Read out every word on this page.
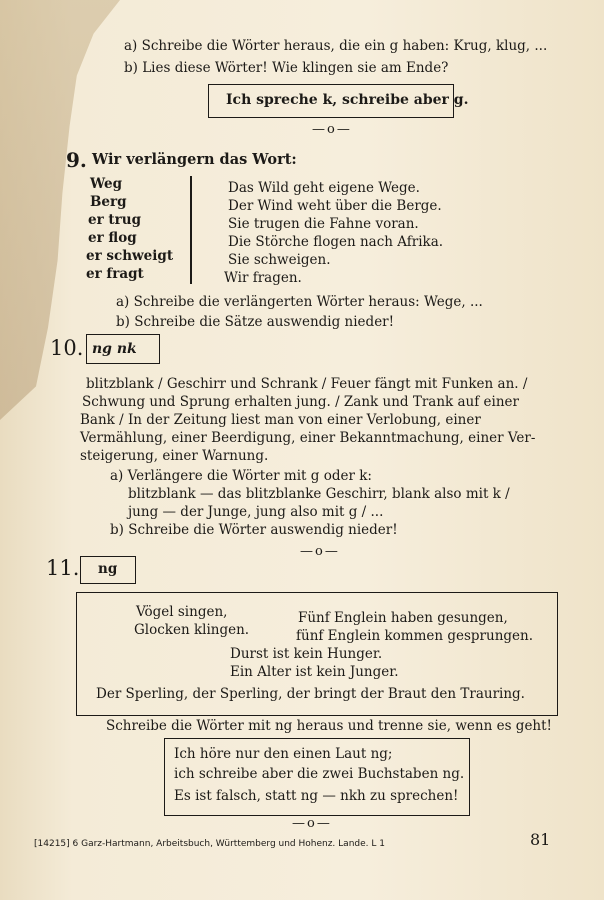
a) Schreibe die Wörter heraus, die ein g haben: Krug, klug, ...
b) Lies diese Wörter! Wie klingen sie am Ende?
Ich spreche k, schreibe aber g.
—o—
9. Wir verlängern das Wort:
Weg
Berg
er trug
er flog
er schweigt
er fragt
Das Wild geht eigene Wege.
Der Wind weht über die Berge.
Sie trugen die Fahne voran.
Die Störche flogen nach Afrika.
Sie schweigen.
Wir fragen.
a) Schreibe die verlängerten Wörter heraus: Wege, ...
b) Schreibe die Sätze auswendig nieder!
10. ng nk
blitzblank / Geschirr und Schrank / Feuer fängt mit Funken an. /
Schwung und Sprung erhalten jung. / Zank und Trank auf einer
Bank / In der Zeitung liest man von einer Verlobung, einer
Vermählung, einer Beerdigung, einer Bekanntmachung, einer Ver-
steigerung, einer Warnung.
a) Verlängere die Wörter mit g oder k:
blitzblank — das blitzblanke Geschirr, blank also mit k /
jung — der Junge, jung also mit g / ...
b) Schreibe die Wörter auswendig nieder!
—o—
11. ng
Vögel singen,
Glocken klingen.
Fünf Englein haben gesungen,
fünf Englein kommen gesprungen.
Durst ist kein Hunger.
Ein Alter ist kein Junger.
Der Sperling, der Sperling, der bringt der Braut den Trauring.
Schreibe die Wörter mit ng heraus und trenne sie, wenn es geht!
Ich höre nur den einen Laut ng;
ich schreibe aber die zwei Buchstaben ng.
Es ist falsch, statt ng — nkh zu sprechen!
—o—
[14215] 6 Garz-Hartmann, Arbeitsbuch, Württemberg und Hohenz. Lande. L 1	81
